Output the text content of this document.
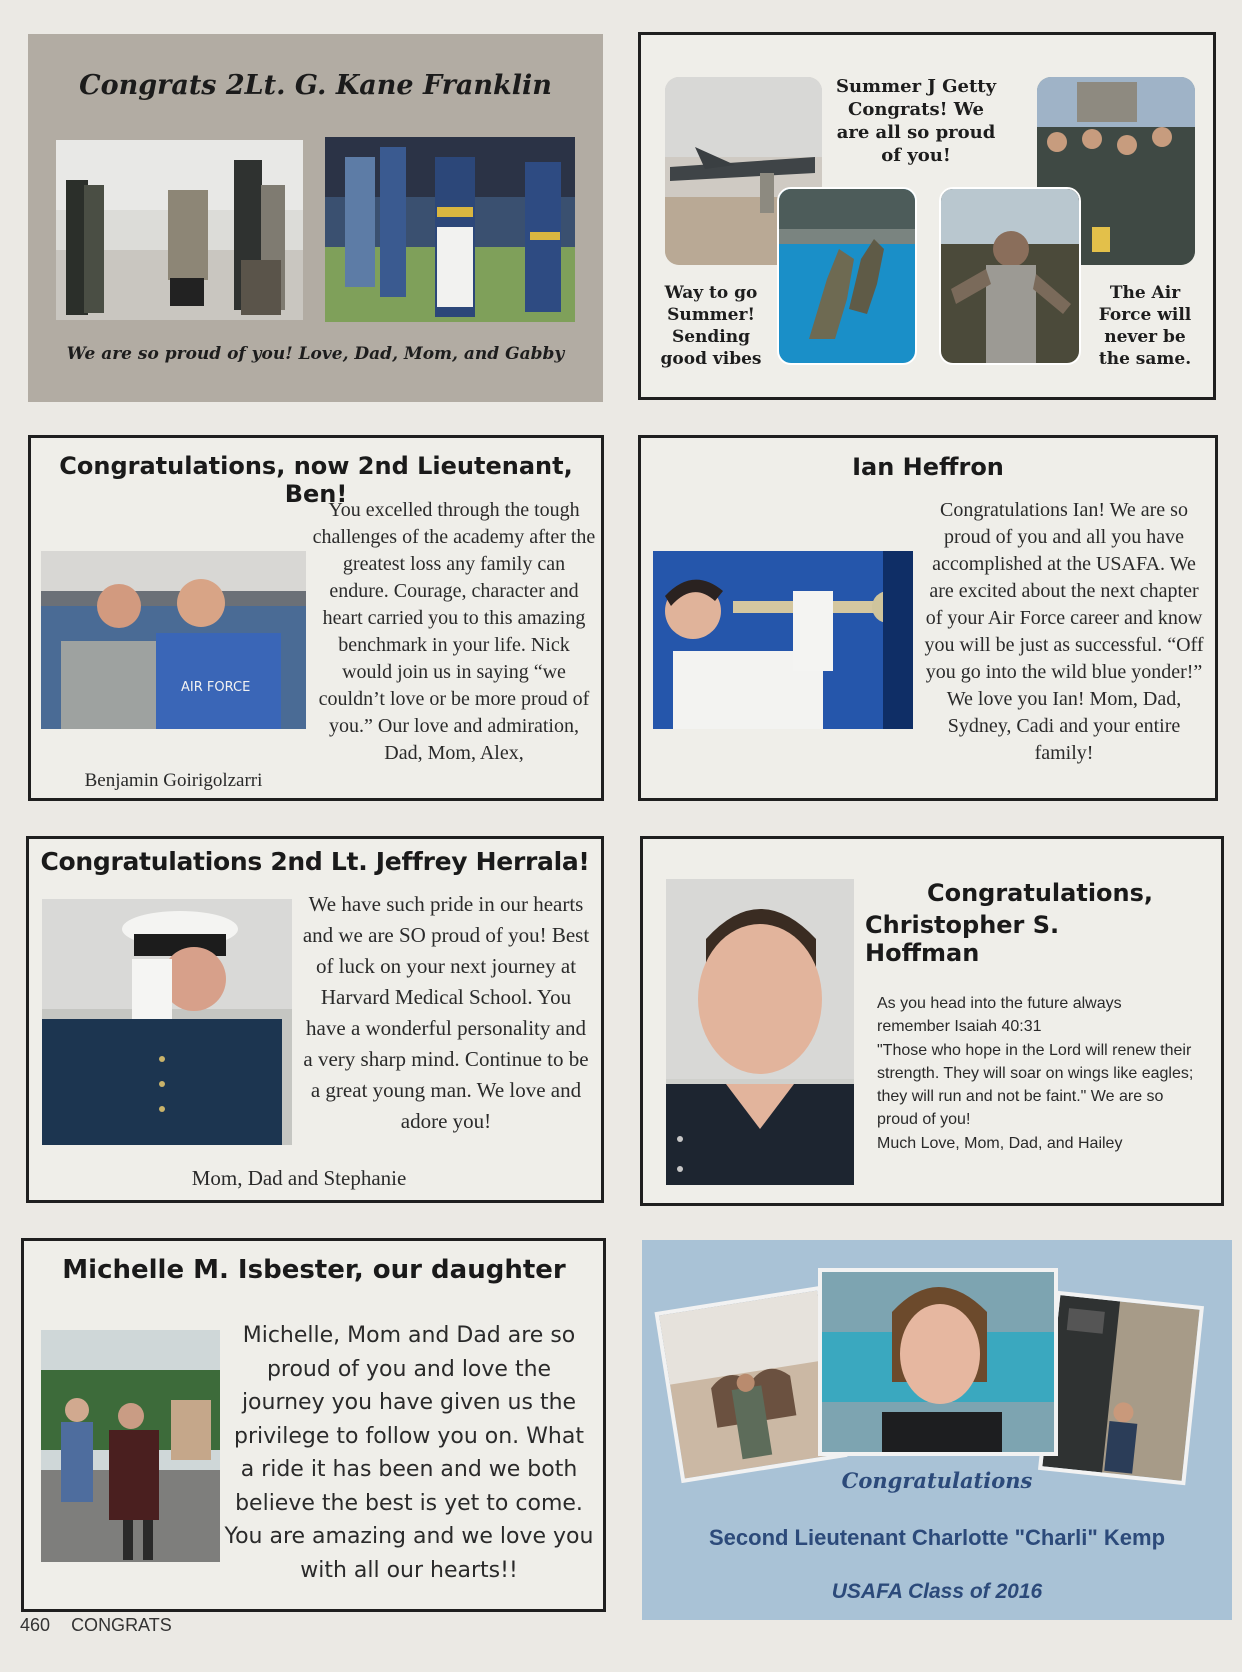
Congrats 2Lt. G. Kane Franklin
We are so proud of you! Love, Dad, Mom, and Gabby
Summer J Getty Congrats! We are all so proud of you!
Way to go Summer! Sending good vibes
The Air Force will never be the same.
Congratulations, now 2nd Lieutenant, Ben!
AIR FORCE
You excelled through the tough challenges of the academy after the greatest loss any family can endure. Courage, character and heart carried you to this amazing benchmark in your life. Nick would join us in saying “we couldn’t love or be more proud of you.” Our love and admiration, Dad, Mom, Alex,
Benjamin Goirigolzarri
Ian Heffron
Congratulations Ian! We are so proud of you and all you have accomplished at the USAFA. We are excited about the next chapter of your Air Force career and know you will be just as successful. “Off you go into the wild blue yonder!” We love you Ian! Mom, Dad, Sydney, Cadi and your entire family!
Congratulations 2nd Lt. Jeffrey Herrala!
We have such pride in our hearts and we are SO proud of you! Best of luck on your next journey at Harvard Medical School. You have a wonderful personality and a very sharp mind. Continue to be a great young man. We love and adore you!
Mom, Dad and Stephanie
Congratulations,
Christopher S. Hoffman
As you head into the future always remember Isaiah 40:31
"Those who hope in the Lord will renew their strength. They will soar on wings like eagles; they will run and not be faint." We are so proud of you!
Much Love, Mom, Dad, and Hailey
Michelle M. Isbester, our daughter
Michelle, Mom and Dad are so proud of you and love the journey you have given us the privilege to follow you on. What a ride it has been and we both believe the best is yet to come. You are amazing and we love you with all our hearts!!
Congratulations
Second Lieutenant Charlotte "Charli" Kemp
USAFA Class of 2016
460 CONGRATS
